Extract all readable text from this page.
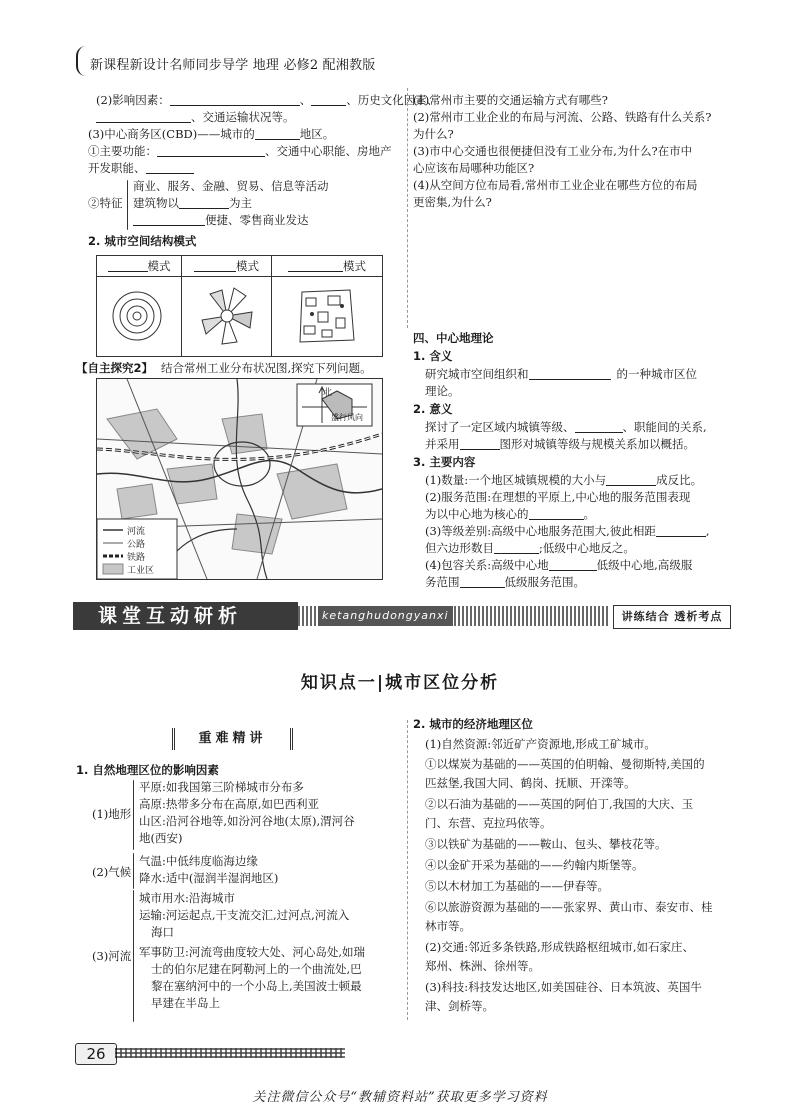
新课程新设计名师同步导学 地理 必修2 配湘教版
(2)影响因素：	、	、历史文化因素、
、交通运输状况等。
(3)中心商务区(CBD)——城市的	地区。
①主要功能：	、交通中心职能、房地产
开发职能、
②特征
商业、服务、金融、贸易、信息等活动
建筑物以	为主
便捷、零售商业发达
2. 城市空间结构模式
模式	模式	模式
【自主探究2】 结合常州工业分布状况图,探究下列问题。
北
盛行风向
河流
公路
铁路
工业区
(1)常州市主要的交通运输方式有哪些?
(2)常州市工业企业的布局与河流、公路、铁路有什么关系?
为什么?
(3)市中心交通也很便捷但没有工业分布,为什么?在市中
心应该布局哪种功能区?
(4)从空间方位布局看,常州市工业企业在哪些方位的布局
更密集,为什么?
四、中心地理论
1. 含义
研究城市空间组织和	的一种城市区位
理论。
2. 意义
探讨了一定区域内城镇等级、	、职能间的关系,
并采用	图形对城镇等级与规模关系加以概括。
3. 主要内容
(1)数量:一个地区城镇规模的大小与	成反比。
(2)服务范围:在理想的平原上,中心地的服务范围表现
为以中心地为核心的	。
(3)等级差别:高级中心地服务范围大,彼此相距	,
但六边形数目	;低级中心地反之。
(4)包容关系:高级中心地	低级中心地,高级服
务范围	低级服务范围。
课堂互动研析	ketanghudongyanxi	讲练结合 透析考点
知识点一|城市区位分析
重难精讲
1. 自然地理区位的影响因素
(1)地形
平原:如我国第三阶梯城市分布多
高原:热带多分布在高原,如巴西利亚
山区:沿河谷地等,如汾河谷地(太原),渭河谷
地(西安)
(2)气候
气温:中低纬度临海边缘
降水:适中(湿润半湿润地区)
(3)河流
城市用水:沿海城市
运输:河运起点,干支流交汇,过河点,河流入
海口
军事防卫:河流弯曲度较大处、河心岛处,如瑞
士的伯尔尼建在阿勒河上的一个曲流处,巴
黎在塞纳河中的一个小岛上,美国波士顿最
早建在半岛上
2. 城市的经济地理区位
(1)自然资源:邻近矿产资源地,形成工矿城市。
①以煤炭为基础的——英国的伯明翰、曼彻斯特,美国的
匹兹堡,我国大同、鹤岗、抚顺、开滦等。
②以石油为基础的——英国的阿伯丁,我国的大庆、玉
门、东营、克拉玛依等。
③以铁矿为基础的——鞍山、包头、攀枝花等。
④以金矿开采为基础的——约翰内斯堡等。
⑤以木材加工为基础的——伊春等。
⑥以旅游资源为基础的——张家界、黄山市、泰安市、桂
林市等。
(2)交通:邻近多条铁路,形成铁路枢纽城市,如石家庄、
郑州、株洲、徐州等。
(3)科技:科技发达地区,如美国硅谷、日本筑波、英国牛
津、剑桥等。
26
关注微信公众号“教辅资料站”获取更多学习资料
